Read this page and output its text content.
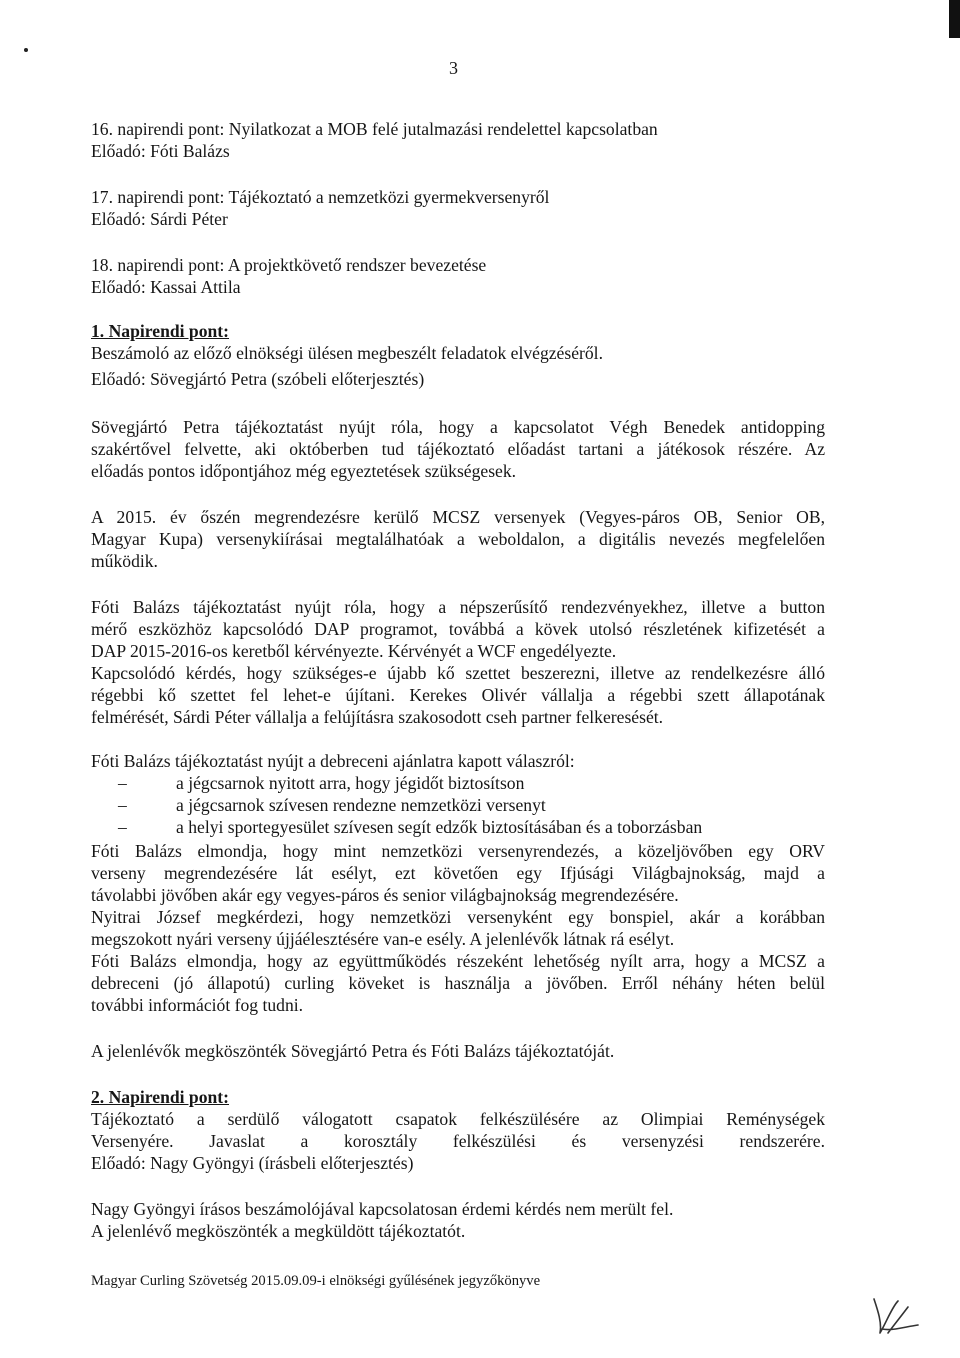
3
16. napirendi pont: Nyilatkozat a MOB felé jutalmazási rendelettel kapcsolatban
Előadó: Fóti Balázs
17. napirendi pont: Tájékoztató a nemzetközi gyermekversenyről
Előadó: Sárdi Péter
18. napirendi pont: A projektkövető rendszer bevezetése
Előadó: Kassai Attila
1. Napirendi pont:
Beszámoló az előző elnökségi ülésen megbeszélt feladatok elvégzéséről.
Előadó: Sövegjártó Petra (szóbeli előterjesztés)
Sövegjártó Petra tájékoztatást nyújt róla, hogy a kapcsolatot Végh Benedek antidopping
szakértővel felvette, aki októberben tud tájékoztató előadást tartani a játékosok részére. Az
előadás pontos időpontjához még egyeztetések szükségesek.
A 2015. év őszén megrendezésre kerülő MCSZ versenyek (Vegyes-páros OB, Senior OB,
Magyar Kupa) versenykiírásai megtalálhatóak a weboldalon, a digitális nevezés megfelelően
működik.
Fóti Balázs tájékoztatást nyújt róla, hogy a népszerűsítő rendezvényekhez, illetve a button
mérő eszközhöz kapcsolódó DAP programot, továbbá a kövek utolsó részletének kifizetését a
DAP 2015-2016-os keretből kérvényezte. Kérvényét a WCF engedélyezte.
Kapcsolódó kérdés, hogy szükséges-e újabb kő szettet beszerezni, illetve az rendelkezésre álló
régebbi kő szettet fel lehet-e újítani. Kerekes Olivér vállalja a régebbi szett állapotának
felmérését, Sárdi Péter vállalja a felújításra szakosodott cseh partner felkeresését.
Fóti Balázs tájékoztatást nyújt a debreceni ajánlatra kapott válaszról:
–	a jégcsarnok nyitott arra, hogy jégidőt biztosítson
–	a jégcsarnok szívesen rendezne nemzetközi versenyt
–	a helyi sportegyesület szívesen segít edzők biztosításában és a toborzásban
Fóti Balázs elmondja, hogy mint nemzetközi versenyrendezés, a közeljövőben egy ORV
verseny megrendezésére lát esélyt, ezt követően egy Ifjúsági Világbajnokság, majd a
távolabbi jövőben akár egy vegyes-páros és senior világbajnokság megrendezésére.
Nyitrai József megkérdezi, hogy nemzetközi versenyként egy bonspiel, akár a korábban
megszokott nyári verseny újjáélesztésére van-e esély. A jelenlévők látnak rá esélyt.
Fóti Balázs elmondja, hogy az együttműködés részeként lehetőség nyílt arra, hogy a MCSZ a
debreceni (jó állapotú) curling köveket is használja a jövőben. Erről néhány héten belül
további információt fog tudni.
A jelenlévők megköszönték Sövegjártó Petra és Fóti Balázs tájékoztatóját.
2. Napirendi pont:
Tájékoztató a serdülő válogatott csapatok felkészülésére az Olimpiai Reménységek
Versenyére. Javaslat a korosztály felkészülési és versenyzési rendszerére.
Előadó: Nagy Gyöngyi (írásbeli előterjesztés)
Nagy Gyöngyi írásos beszámolójával kapcsolatosan érdemi kérdés nem merült fel.
A jelenlévő megköszönték a megküldött tájékoztatót.
Magyar Curling Szövetség 2015.09.09-i elnökségi gyűlésének jegyzőkönyve
